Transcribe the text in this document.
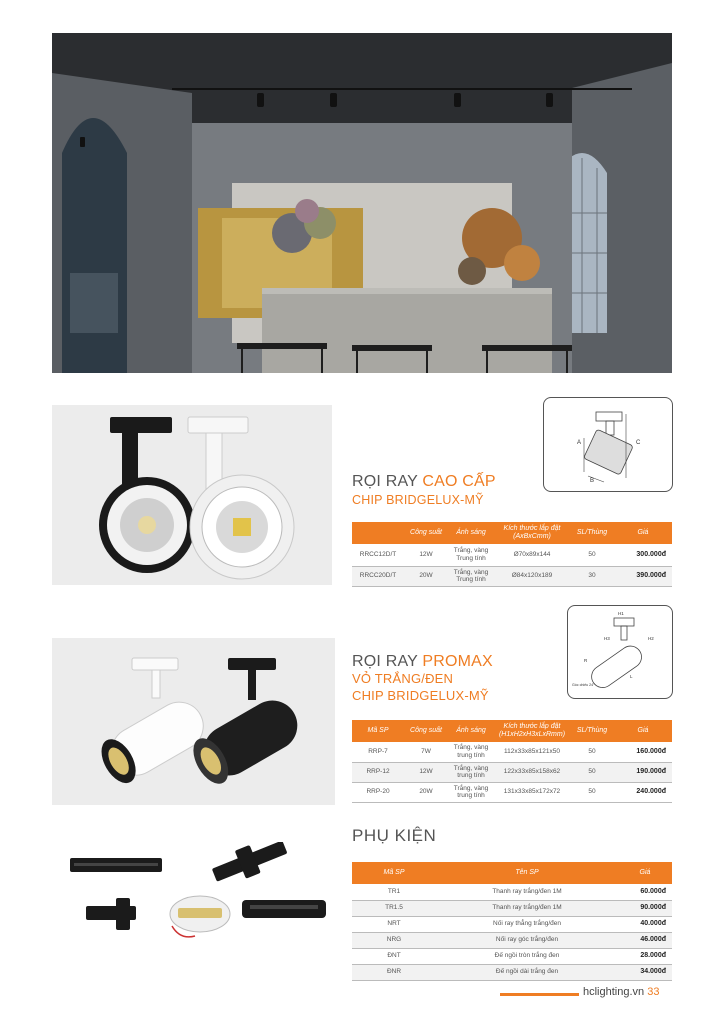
A
B
C
RỌI RAY CAO CẤP
CHIP BRIDGELUX-MỸ
	Công suất	Ánh sáng	Kích thước lắp đặt (AxBxCmm)	SL/Thùng	Giá
RRCC12D/T	12W	Trắng, vàng Trung tính	Ø70x89x144	50	300.000đ
RRCC20D/T	20W	Trắng, vàng Trung tính	Ø84x120x189	30	390.000đ
H1
H2
H3
R
L
Góc chiếu 24°
RỌI RAY PROMAX
VỎ TRẮNG/ĐEN
CHIP BRIDGELUX-MỸ
Mã SP	Công suất	Ánh sáng	Kích thước lắp đặt (H1xH2xH3xLxRmm)	SL/Thùng	Giá
RRP-7	7W	Trắng, vàng trung tính	112x33x85x121x50	50	160.000đ
RRP-12	12W	Trắng, vàng trung tính	122x33x85x158x62	50	190.000đ
RRP-20	20W	Trắng, vàng trung tính	131x33x85x172x72	50	240.000đ
PHỤ KIỆN
Mã SP	Tên SP	Giá
TR1	Thanh ray trắng/đen 1M	60.000đ
TR1.5	Thanh ray trắng/đen 1M	90.000đ
NRT	Nối ray thẳng trắng/đen	40.000đ
NRG	Nối ray góc trắng/đen	46.000đ
ĐNT	Đế ngồi tròn trắng đen	28.000đ
ĐNR	Đế ngồi dài trắng đen	34.000đ
hclighting.vn 33
